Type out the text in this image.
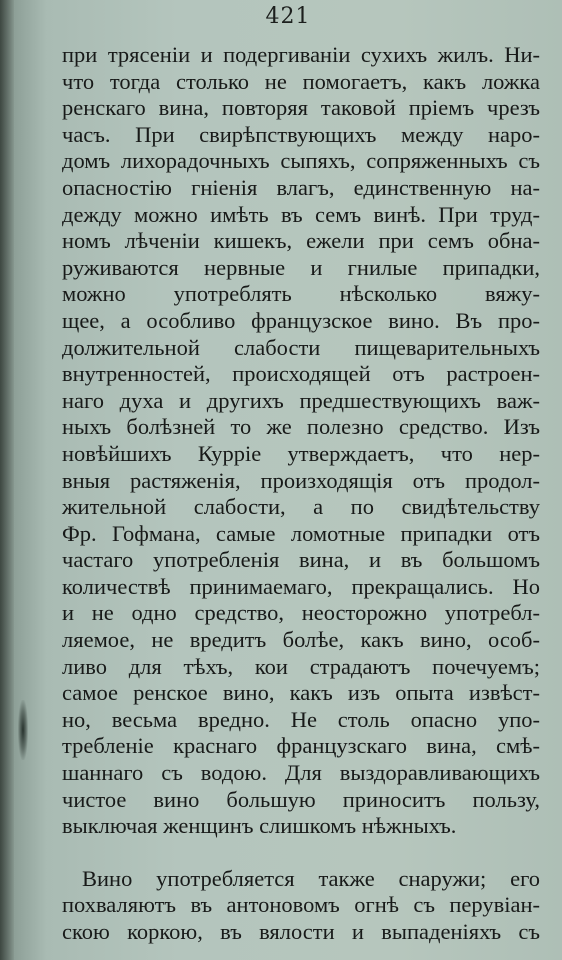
421
при трясеніи и подергиваніи сухихъ жилъ. Ни-
что тогда столько не помогаетъ, какъ ложка
ренскаго вина, повторяя таковой пріемъ чрезъ
часъ. При свирѣпствующихъ между наро-
домъ лихорадочныхъ сыпяхъ, сопряженныхъ съ
опасностію гніенія влагъ, единственную на-
дежду можно имѣть въ семъ винѣ. При труд-
номъ лѣченіи кишекъ, ежели при семъ обна-
руживаются нервные и гнилые припадки,
можно употреблять нѣсколько вяжу-
щее, а особливо французское вино. Въ про-
должительной слабости пищеварительныхъ
внутренностей, происходящей отъ растроен-
наго духа и другихъ предшествующихъ важ-
ныхъ болѣзней то же полезно средство. Изъ
новѣйшихъ Курріе утверждаетъ, что нер-
вныя растяженія, произходящія отъ продол-
жительной слабости, а по свидѣтельству
Фр. Гофмана, самые ломотные припадки отъ
частаго употребленія вина, и въ большомъ
количествѣ принимаемаго, прекращались. Но
и не одно средство, неосторожно употребл-
ляемое, не вредитъ болѣе, какъ вино, особ-
ливо для тѣхъ, кои страдаютъ почечуемъ;
самое ренское вино, какъ изъ опыта извѣст-
но, весьма вредно. Не столь опасно упо-
требленіе краснаго французскаго вина, смѣ-
шаннаго съ водою. Для выздоравливающихъ
чистое вино большую приноситъ пользу,
выключая женщинъ слишкомъ нѣжныхъ.
Вино употребляется также снаружи; его
похваляютъ въ антоновомъ огнѣ съ перувіан-
скою коркою, въ вялости и выпаденіяхъ съ
